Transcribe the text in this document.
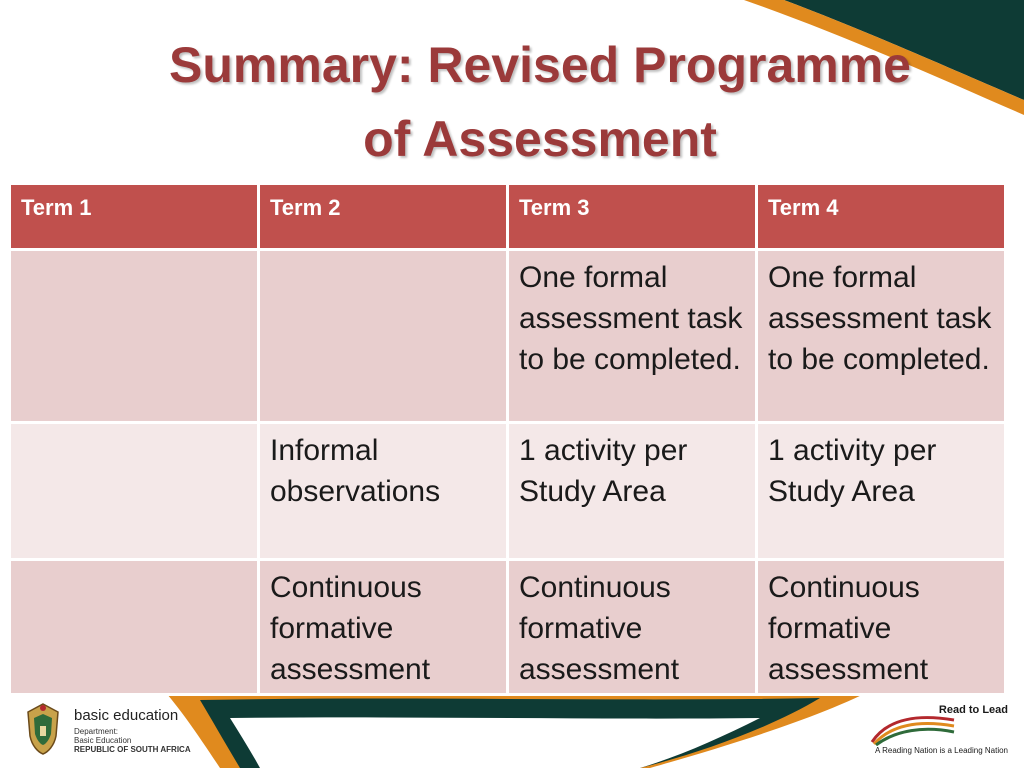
Summary: Revised Programme
of Assessment
Term 1	Term 2	Term 3	Term 4
		One formal assessment task to be completed.	One formal assessment task to be completed.
	Informal observations	1 activity per Study Area	1 activity per Study Area
	Continuous formative assessment	Continuous formative assessment	Continuous formative assessment
basic education
Department:
Basic Education
REPUBLIC OF SOUTH AFRICA
Read to Lead
A Reading Nation is a Leading Nation
